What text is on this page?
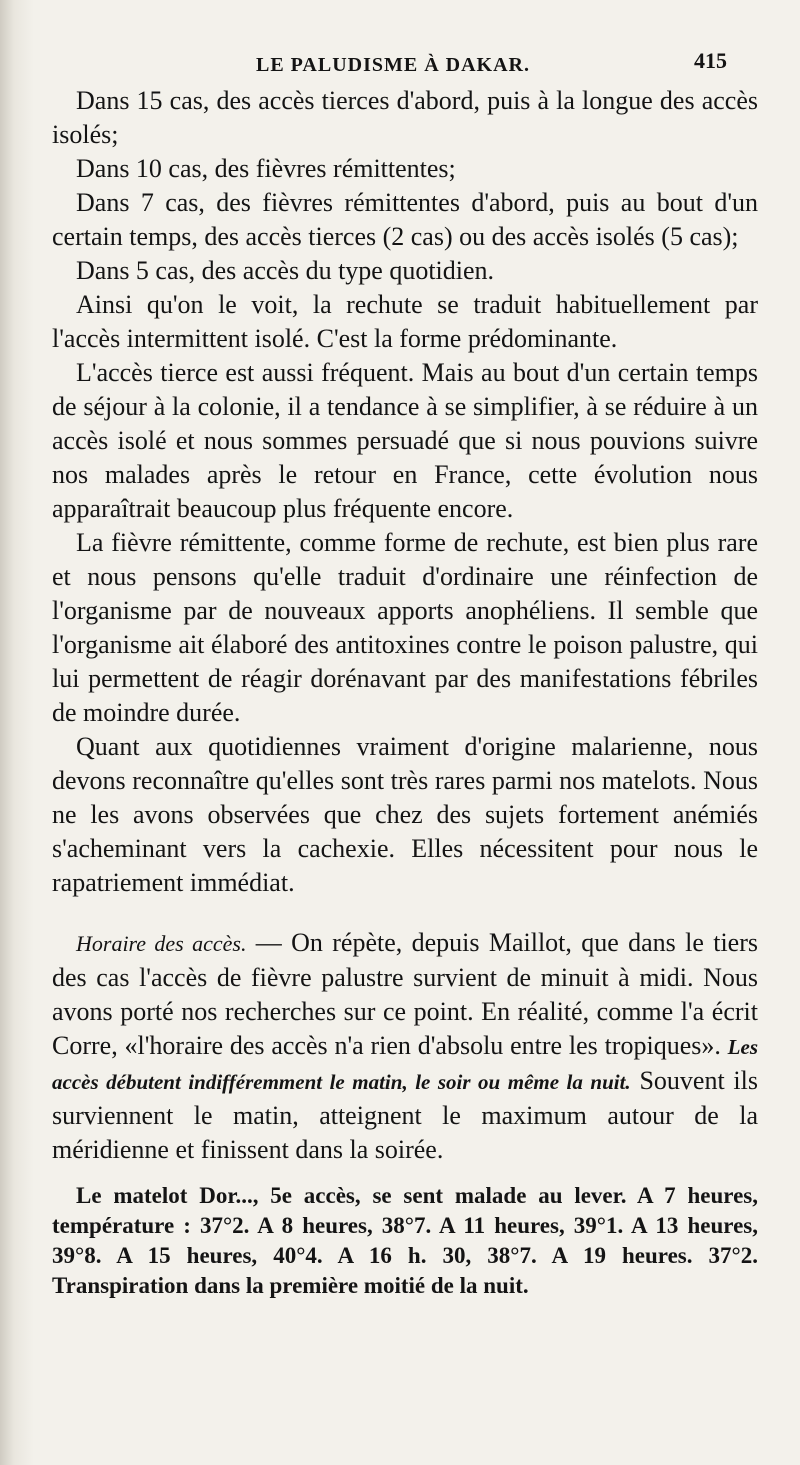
LE PALUDISME À DAKAR.	415

Dans 15 cas, des accès tierces d'abord, puis à la longue des accès isolés;

Dans 10 cas, des fièvres rémittentes;

Dans 7 cas, des fièvres rémittentes d'abord, puis au bout d'un certain temps, des accès tierces (2 cas) ou des accès isolés (5 cas);

Dans 5 cas, des accès du type quotidien.

Ainsi qu'on le voit, la rechute se traduit habituellement par l'accès intermittent isolé. C'est la forme prédominante.

L'accès tierce est aussi fréquent. Mais au bout d'un certain temps de séjour à la colonie, il a tendance à se simplifier, à se réduire à un accès isolé et nous sommes persuadé que si nous pouvions suivre nos malades après le retour en France, cette évolution nous apparaîtrait beaucoup plus fréquente encore.

La fièvre rémittente, comme forme de rechute, est bien plus rare et nous pensons qu'elle traduit d'ordinaire une réinfection de l'organisme par de nouveaux apports anophéliens. Il semble que l'organisme ait élaboré des antitoxines contre le poison palustre, qui lui permettent de réagir dorénavant par des manifestations fébriles de moindre durée.

Quant aux quotidiennes vraiment d'origine malarienne, nous devons reconnaître qu'elles sont très rares parmi nos matelots. Nous ne les avons observées que chez des sujets fortement anémiés s'acheminant vers la cachexie. Elles nécessitent pour nous le rapatriement immédiat.

Horaire des accès. — On répète, depuis Maillot, que dans le tiers des cas l'accès de fièvre palustre survient de minuit à midi. Nous avons porté nos recherches sur ce point. En réalité, comme l'a écrit Corre, «l'horaire des accès n'a rien d'absolu entre les tropiques». Les accès débutent indifféremment le matin, le soir ou même la nuit. Souvent ils surviennent le matin, atteignent le maximum autour de la méridienne et finissent dans la soirée.

Le matelot Dor..., 5e accès, se sent malade au lever. A 7 heures, température : 37°2. A 8 heures, 38°7. A 11 heures, 39°1. A 13 heures, 39°8. A 15 heures, 40°4. A 16 h. 30, 38°7. A 19 heures. 37°2. Transpiration dans la première moitié de la nuit.
